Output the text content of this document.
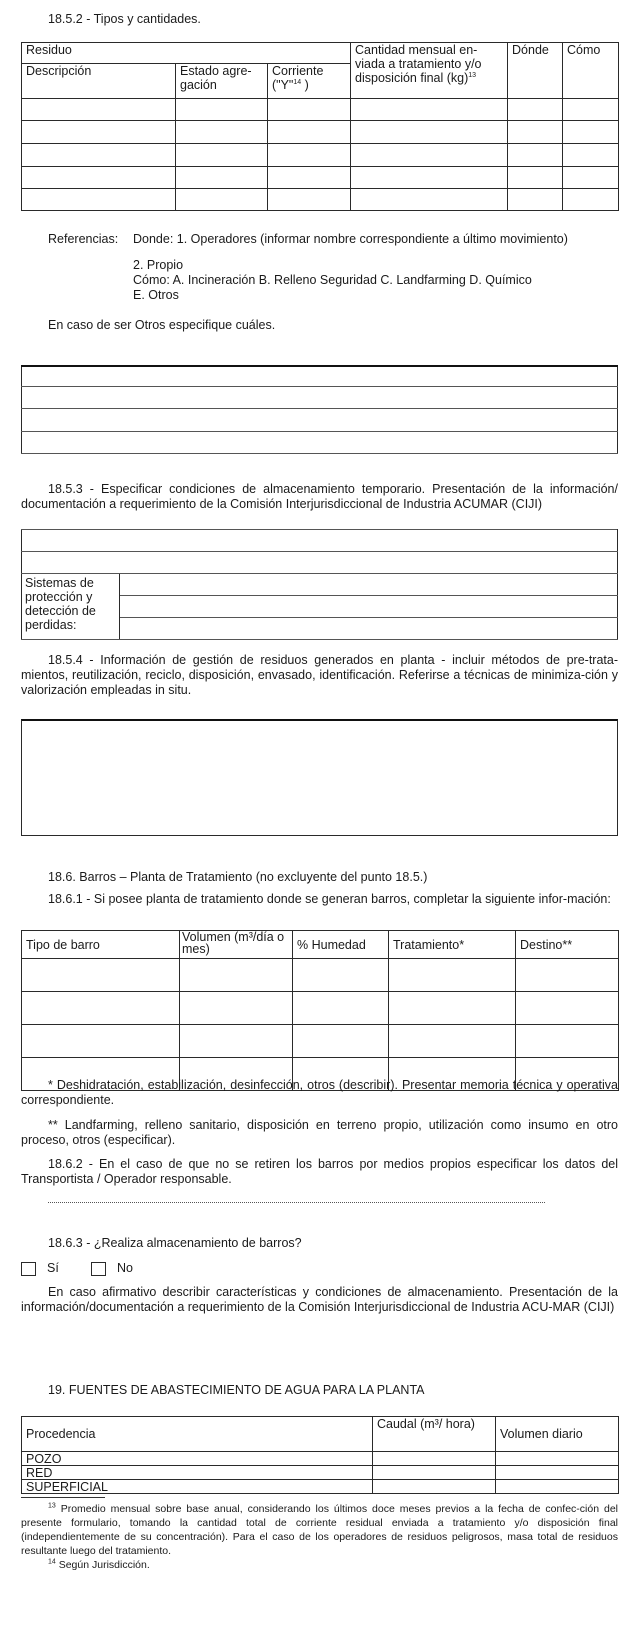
18.5.2 - Tipos y cantidades.
Residuo			Cantidad mensual en-viada a tratamiento y/o disposición final (kg)$^{13}$	Dónde	Cómo
Descripción	Estado agre-gación	Corriente ("Y"$^{14}$ )			

Referencias: Donde: 1. Operadores (informar nombre correspondiente a último movimiento)
2. Propio
Cómo: A. Incineración B. Relleno Seguridad C. Landfarming D. Químico
E. Otros
En caso de ser Otros especifique cuáles.

18.5.3 - Especificar condiciones de almacenamiento temporario. Presentación de la información/ documentación a requerimiento de la Comisión Interjurisdiccional de Industria ACUMAR (CIJI)

Sistemas de protección y detección de perdidas:

18.5.4 - Información de gestión de residuos generados en planta - incluir métodos de pre-trata-mientos, reutilización, reciclo, disposición, envasado, identificación. Referirse a técnicas de minimiza-ción y valorización empleadas in situ.
18.6. Barros – Planta de Tratamiento (no excluyente del punto 18.5.)
18.6.1 - Si posee planta de tratamiento donde se generan barros, completar la siguiente infor-mación:
Tipo de barro	Volumen (m³/día o mes)	% Humedad	Tratamiento*	Destino**

* Deshidratación, estabilización, desinfección, otros (describir). Presentar memoria técnica y operativa correspondiente.
** Landfarming, relleno sanitario, disposición en terreno propio, utilización como insumo en otro proceso, otros (especificar).
18.6.2 - En el caso de que no se retiren los barros por medios propios especificar los datos del Transportista / Operador responsable.
18.6.3 - ¿Realiza almacenamiento de barros?
Sí	No
En caso afirmativo describir características y condiciones de almacenamiento. Presentación de la información/documentación a requerimiento de la Comisión Interjurisdiccional de Industria ACU-MAR (CIJI)
19. FUENTES DE ABASTECIMIENTO DE AGUA PARA LA PLANTA
Procedencia	Caudal (m³/ hora)	Volumen diario
POZO		
RED		
SUPERFICIAL		
$^{13}$ Promedio mensual sobre base anual, considerando los últimos doce meses previos a la fecha de confec-ción del presente formulario, tomando la cantidad total de corriente residual enviada a tratamiento y/o disposición final (independientemente de su concentración). Para el caso de los operadores de residuos peligrosos, masa total de residuos resultante luego del tratamiento.
$^{14}$ Según Jurisdicción.
